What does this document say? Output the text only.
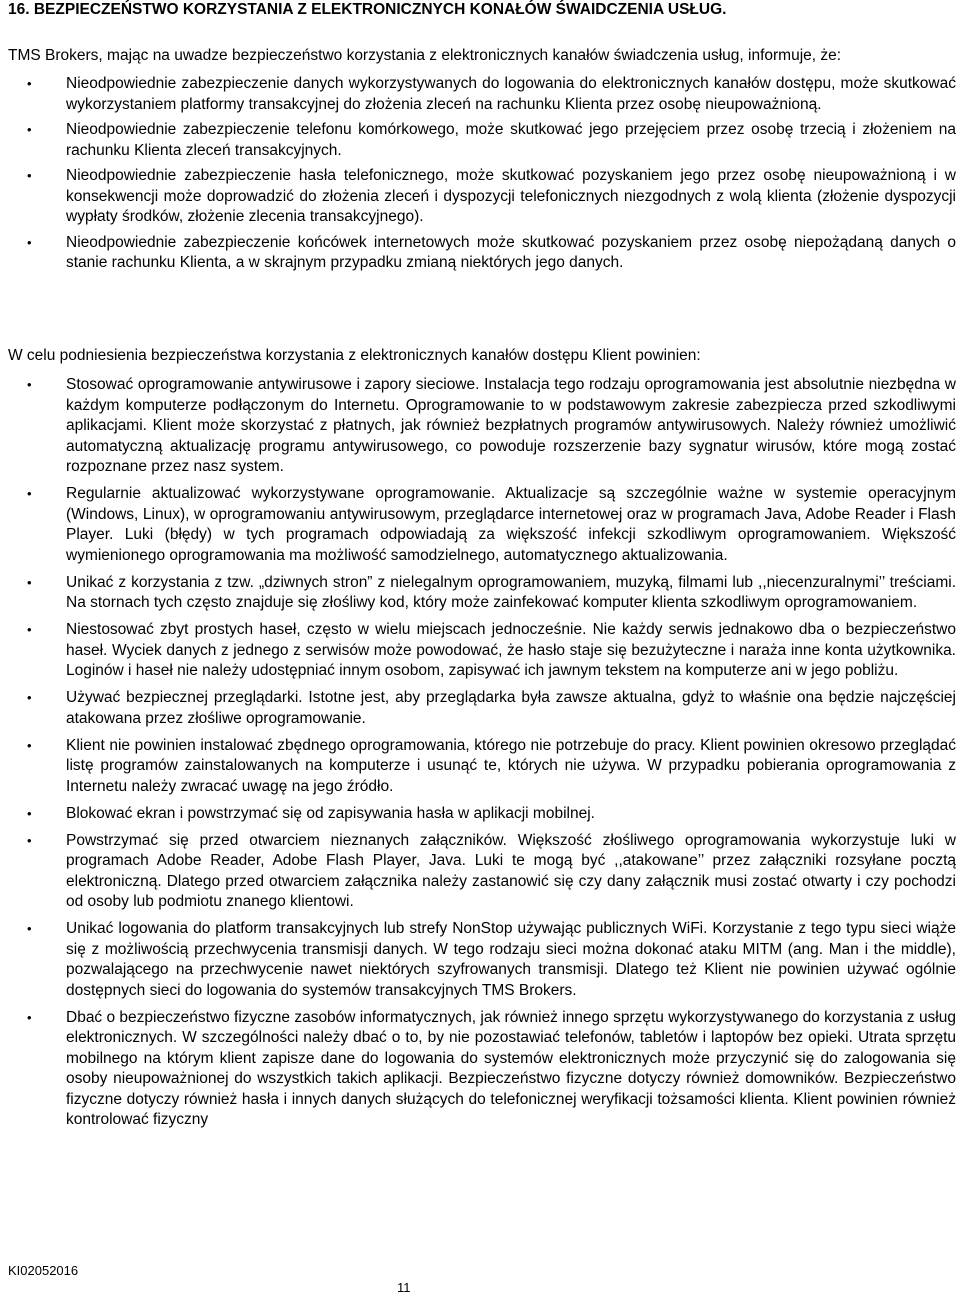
16. BEZPIECZEŃSTWO KORZYSTANIA Z ELEKTRONICZNYCH KONAŁÓW ŚWAIDCZENIA USŁUG.

TMS Brokers, mając na uwadze bezpieczeństwo korzystania z elektronicznych kanałów świadczenia usług, informuje, że:

• Nieodpowiednie zabezpieczenie danych wykorzystywanych do logowania do elektronicznych kanałów dostępu, może skutkować wykorzystaniem platformy transakcyjnej do złożenia zleceń na rachunku Klienta przez osobę nieupoważnioną.
• Nieodpowiednie zabezpieczenie telefonu komórkowego, może skutkować jego przejęciem przez osobę trzecią i złożeniem na rachunku Klienta zleceń transakcyjnych.
• Nieodpowiednie zabezpieczenie hasła telefonicznego, może skutkować pozyskaniem jego przez osobę nieupoważnioną i w konsekwencji może doprowadzić do złożenia zleceń i dyspozycji telefonicznych niezgodnych z wolą klienta (złożenie dyspozycji wypłaty środków, złożenie zlecenia transakcyjnego).
• Nieodpowiednie zabezpieczenie końcówek internetowych może skutkować pozyskaniem przez osobę niepożądaną danych o stanie rachunku Klienta, a w skrajnym przypadku zmianą niektórych jego danych.

W celu podniesienia bezpieczeństwa korzystania z elektronicznych kanałów dostępu Klient powinien:

• Stosować oprogramowanie antywirusowe i zapory sieciowe. Instalacja tego rodzaju oprogramowania jest absolutnie niezbędna w każdym komputerze podłączonym do Internetu. Oprogramowanie to w podstawowym zakresie zabezpiecza przed szkodliwymi aplikacjami. Klient może skorzystać z płatnych, jak również bezpłatnych programów antywirusowych. Należy również umożliwić automatyczną aktualizację programu antywirusowego, co powoduje rozszerzenie bazy sygnatur wirusów, które mogą zostać rozpoznane przez nasz system.
• Regularnie aktualizować wykorzystywane oprogramowanie. Aktualizacje są szczególnie ważne w systemie operacyjnym (Windows, Linux), w oprogramowaniu antywirusowym, przeglądarce internetowej oraz w programach Java, Adobe Reader i Flash Player. Luki (błędy) w tych programach odpowiadają za większość infekcji szkodliwym oprogramowaniem. Większość wymienionego oprogramowania ma możliwość samodzielnego, automatycznego aktualizowania.
• Unikać z korzystania z tzw. „dziwnych stron” z nielegalnym oprogramowaniem, muzyką, filmami lub ,,niecenzuralnymi’’ treściami. Na stornach tych często znajduje się złośliwy kod, który może zainfekować komputer klienta szkodliwym oprogramowaniem.
• Niestosować zbyt prostych haseł, często w wielu miejscach jednocześnie. Nie każdy serwis jednakowo dba o bezpieczeństwo haseł. Wyciek danych z jednego z serwisów może powodować, że hasło staje się bezużyteczne i naraża inne konta użytkownika. Loginów i haseł nie należy udostępniać innym osobom, zapisywać ich jawnym tekstem na komputerze ani w jego pobliżu.
• Używać bezpiecznej przeglądarki. Istotne jest, aby przeglądarka była zawsze aktualna, gdyż to właśnie ona będzie najczęściej atakowana przez złośliwe oprogramowanie.
• Klient nie powinien instalować zbędnego oprogramowania, którego nie potrzebuje do pracy. Klient powinien okresowo przeglądać listę programów zainstalowanych na komputerze i usunąć te, których nie używa. W przypadku pobierania oprogramowania z Internetu należy zwracać uwagę na jego źródło.
• Blokować ekran i powstrzymać się od zapisywania hasła w aplikacji mobilnej.
• Powstrzymać się przed otwarciem nieznanych załączników. Większość złośliwego oprogramowania wykorzystuje luki w programach Adobe Reader, Adobe Flash Player, Java. Luki te mogą być ,,atakowane’’ przez załączniki rozsyłane pocztą elektroniczną. Dlatego przed otwarciem załącznika należy zastanowić się czy dany załącznik musi zostać otwarty i czy pochodzi od osoby lub podmiotu znanego klientowi.
• Unikać logowania do platform transakcyjnych lub strefy NonStop używając publicznych WiFi. Korzystanie z tego typu sieci wiąże się z możliwością przechwycenia transmisji danych. W tego rodzaju sieci można dokonać ataku MITM (ang. Man i the middle), pozwalającego na przechwycenie nawet niektórych szyfrowanych transmisji. Dlatego też Klient nie powinien używać ogólnie dostępnych sieci do logowania do systemów transakcyjnych TMS Brokers.
• Dbać o bezpieczeństwo fizyczne zasobów informatycznych, jak również innego sprzętu wykorzystywanego do korzystania z usług elektronicznych. W szczególności należy dbać o to, by nie pozostawiać telefonów, tabletów i laptopów bez opieki. Utrata sprzętu mobilnego na którym klient zapisze dane do logowania do systemów elektronicznych może przyczynić się do zalogowania się osoby nieupoważnionej do wszystkich takich aplikacji. Bezpieczeństwo fizyczne dotyczy również domowników. Bezpieczeństwo fizyczne dotyczy również hasła i innych danych służących do telefonicznej weryfikacji tożsamości klienta. Klient powinien również kontrolować fizyczny
KI02052016
11
